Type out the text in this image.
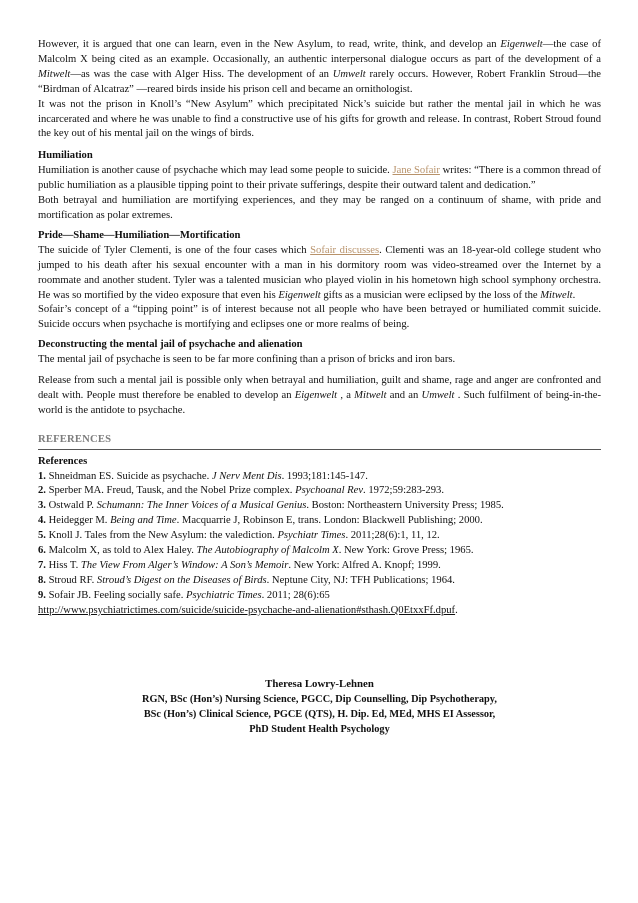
However, it is argued that one can learn, even in the New Asylum, to read, write, think, and develop an Eigenwelt—the case of Malcolm X being cited as an example. Occasionally, an authentic interpersonal dialogue occurs as part of the development of a Mitwelt—as was the case with Alger Hiss. The development of an Umwelt rarely occurs. However, Robert Franklin Stroud—the “Birdman of Alcatraz” —reared birds inside his prison cell and became an ornithologist.

It was not the prison in Knoll’s “New Asylum” which precipitated Nick’s suicide but rather the mental jail in which he was incarcerated and where he was unable to find a constructive use of his gifts for growth and release. In contrast, Robert Stroud found the key out of his mental jail on the wings of birds.

Humiliation

Humiliation is another cause of psychache which may lead some people to suicide. Jane Sofair writes: “There is a common thread of public humiliation as a plausible tipping point to their private sufferings, despite their outward talent and dedication.”

Both betrayal and humiliation are mortifying experiences, and they may be ranged on a continuum of shame, with pride and mortification as polar extremes.

Pride—Shame—Humiliation—Mortification

The suicide of Tyler Clementi, is one of the four cases which Sofair discusses. Clementi was an 18-year-old college student who jumped to his death after his sexual encounter with a man in his dormitory room was video-streamed over the Internet by a roommate and another student. Tyler was a talented musician who played violin in his hometown high school symphony orchestra. He was so mortified by the video exposure that even his Eigenwelt gifts as a musician were eclipsed by the loss of the Mitwelt.

Sofair’s concept of a “tipping point” is of interest because not all people who have been betrayed or humiliated commit suicide. Suicide occurs when psychache is mortifying and eclipses one or more realms of being.

Deconstructing the mental jail of psychache and alienation

The mental jail of psychache is seen to be far more confining than a prison of bricks and iron bars.

Release from such a mental jail is possible only when betrayal and humiliation, guilt and shame, rage and anger are confronted and dealt with. People must therefore be enabled to develop an Eigenwelt , a Mitwelt and an Umwelt . Such fulfilment of being-in-the-world is the antidote to psychache.

REFERENCES

References

1. Shneidman ES. Suicide as psychache. J Nerv Ment Dis. 1993;181:145-147.

2. Sperber MA. Freud, Tausk, and the Nobel Prize complex. Psychoanal Rev. 1972;59:283-293.

3. Ostwald P. Schumann: The Inner Voices of a Musical Genius. Boston: Northeastern University Press; 1985.

4. Heidegger M. Being and Time. Macquarrie J, Robinson E, trans. London: Blackwell Publishing; 2000.

5. Knoll J. Tales from the New Asylum: the valediction. Psychiatr Times. 2011;28(6):1, 11, 12.

6. Malcolm X, as told to Alex Haley. The Autobiography of Malcolm X. New York: Grove Press; 1965.

7. Hiss T. The View From Alger’s Window: A Son’s Memoir. New York: Alfred A. Knopf; 1999.

8. Stroud RF. Stroud’s Digest on the Diseases of Birds. Neptune City, NJ: TFH Publications; 1964.

9. Sofair JB. Feeling socially safe. Psychiatric Times. 2011; 28(6):65

http://www.psychiatrictimes.com/suicide/suicide-psychache-and-alienation#sthash.Q0EtxxFf.dpuf.

Theresa Lowry-Lehnen
RGN, BSc (Hon’s) Nursing Science, PGCC, Dip Counselling, Dip Psychotherapy,
BSc (Hon’s) Clinical Science, PGCE (QTS), H. Dip. Ed, MEd, MHS EI Assessor,
PhD Student Health Psychology
